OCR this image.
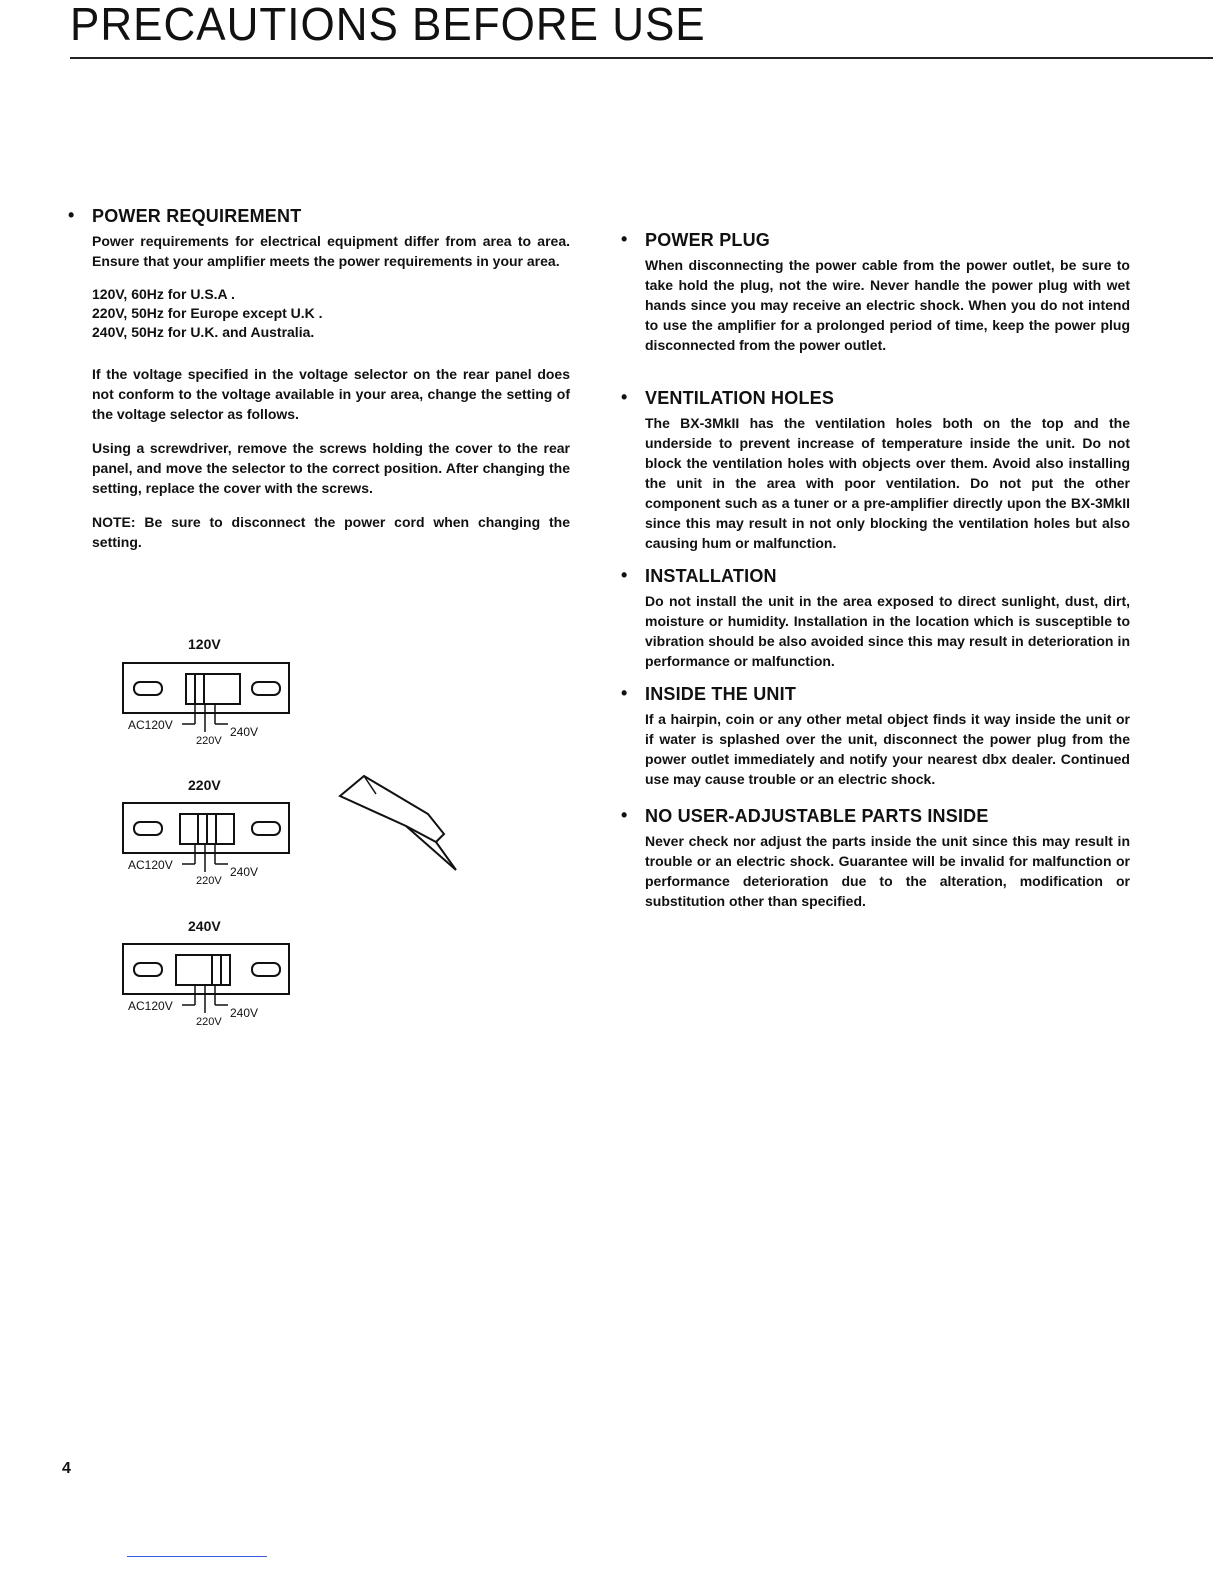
PRECAUTIONS BEFORE USE
• POWER REQUIREMENT

Power requirements for electrical equipment differ from area to area. Ensure that your amplifier meets the power requirements in your area.

120V, 60Hz for U.S.A .

220V, 50Hz for Europe except U.K .

240V, 50Hz for U.K. and Australia.

If the voltage specified in the voltage selector on the rear panel does not conform to the voltage available in your area, change the setting of the voltage selector as follows.

Using a screwdriver, remove the screws holding the cover to the rear panel, and move the selector to the correct position. After changing the setting, replace the cover with the screws.

NOTE: Be sure to disconnect the power cord when changing the setting.

120V
AC120V
220V
240V
220V
AC120V
220V
240V
240V
AC120V
220V
240V
• POWER PLUG

When disconnecting the power cable from the power outlet, be sure to take hold the plug, not the wire. Never handle the power plug with wet hands since you may receive an electric shock. When you do not intend to use the amplifier for a prolonged period of time, keep the power plug disconnected from the power outlet.

• VENTILATION HOLES

The BX-3MkII has the ventilation holes both on the top and the underside to prevent increase of temperature inside the unit. Do not block the ventilation holes with objects over them. Avoid also installing the unit in the area with poor ventilation. Do not put the other component such as a tuner or a pre-amplifier directly upon the BX-3MkII since this may result in not only blocking the ventilation holes but also causing hum or malfunction.

• INSTALLATION

Do not install the unit in the area exposed to direct sunlight, dust, dirt, moisture or humidity. Installation in the location which is susceptible to vibration should be also avoided since this may result in deterioration in performance or malfunction.

• INSIDE THE UNIT

If a hairpin, coin or any other metal object finds it way inside the unit or if water is splashed over the unit, disconnect the power plug from the power outlet immediately and notify your nearest dbx dealer. Continued use may cause trouble or an electric shock.

• NO USER-ADJUSTABLE PARTS INSIDE

Never check nor adjust the parts inside the unit since this may result in trouble or an electric shock. Guarantee will be invalid for malfunction or performance deterioration due to the alteration, modification or substitution other than specified.

4
